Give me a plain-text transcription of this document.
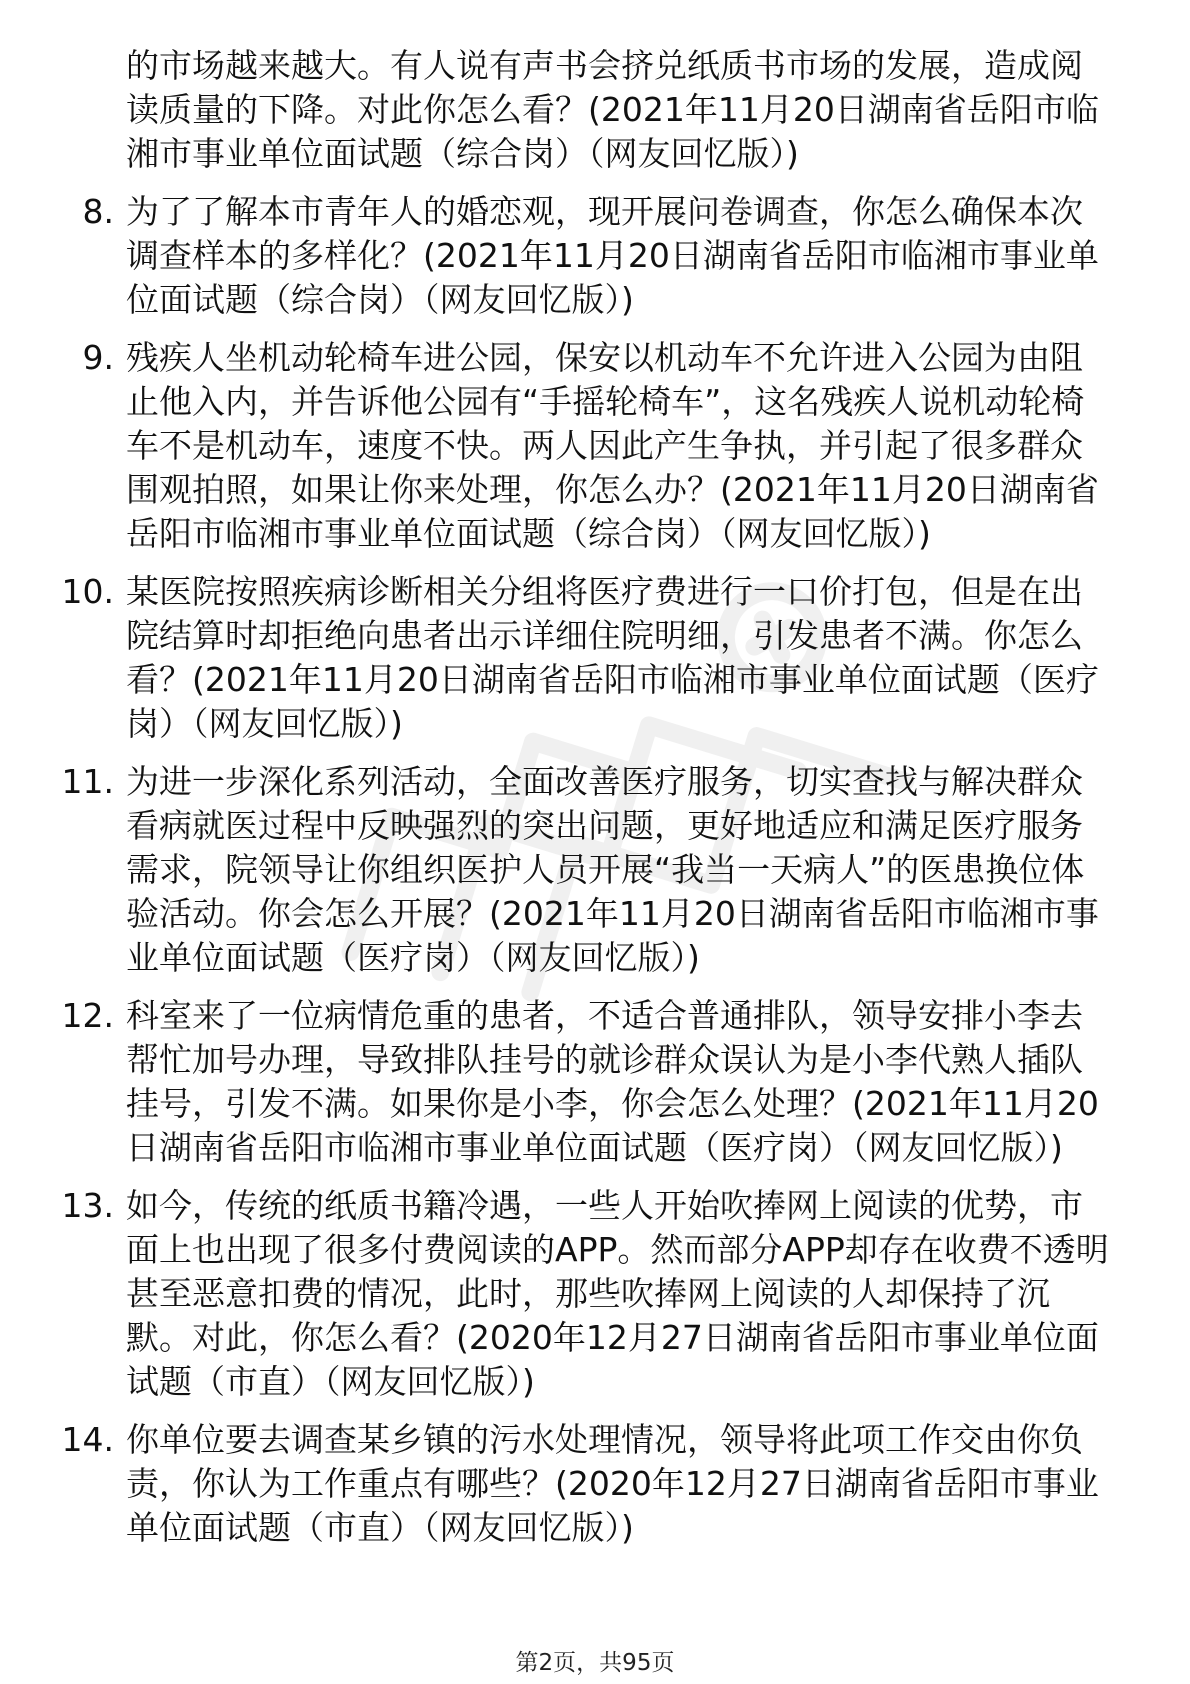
的市场越来越大。有人说有声书会挤兑纸质书市场的发展，造成阅读质量的下降。对此你怎么看？(2021年11月20日湖南省岳阳市临湘市事业单位面试题（综合岗）（网友回忆版）)
8. 为了了解本市青年人的婚恋观，现开展问卷调查，你怎么确保本次调查样本的多样化？(2021年11月20日湖南省岳阳市临湘市事业单位面试题（综合岗）（网友回忆版）)
9. 残疾人坐机动轮椅车进公园，保安以机动车不允许进入公园为由阻止他入内，并告诉他公园有“手摇轮椅车”，这名残疾人说机动轮椅车不是机动车，速度不快。两人因此产生争执，并引起了很多群众围观拍照，如果让你来处理，你怎么办？(2021年11月20日湖南省岳阳市临湘市事业单位面试题（综合岗）（网友回忆版）)
10. 某医院按照疾病诊断相关分组将医疗费进行一口价打包，但是在出院结算时却拒绝向患者出示详细住院明细，引发患者不满。你怎么看？(2021年11月20日湖南省岳阳市临湘市事业单位面试题（医疗岗）（网友回忆版）)
11. 为进一步深化系列活动，全面改善医疗服务，切实查找与解决群众看病就医过程中反映强烈的突出问题，更好地适应和满足医疗服务需求，院领导让你组织医护人员开展“我当一天病人”的医患换位体验活动。你会怎么开展？(2021年11月20日湖南省岳阳市临湘市事业单位面试题（医疗岗）（网友回忆版）)
12. 科室来了一位病情危重的患者，不适合普通排队，领导安排小李去帮忙加号办理，导致排队挂号的就诊群众误认为是小李代熟人插队挂号，引发不满。如果你是小李，你会怎么处理？(2021年11月20日湖南省岳阳市临湘市事业单位面试题（医疗岗）（网友回忆版）)
13. 如今，传统的纸质书籍冷遇，一些人开始吹捧网上阅读的优势，市面上也出现了很多付费阅读的APP。然而部分APP却存在收费不透明甚至恶意扣费的情况，此时，那些吹捧网上阅读的人却保持了沉默。对此，你怎么看？(2020年12月27日湖南省岳阳市事业单位面试题（市直）（网友回忆版）)
14. 你单位要去调查某乡镇的污水处理情况，领导将此项工作交由你负责，你认为工作重点有哪些？(2020年12月27日湖南省岳阳市事业单位面试题（市直）（网友回忆版）)
第2页，共95页
